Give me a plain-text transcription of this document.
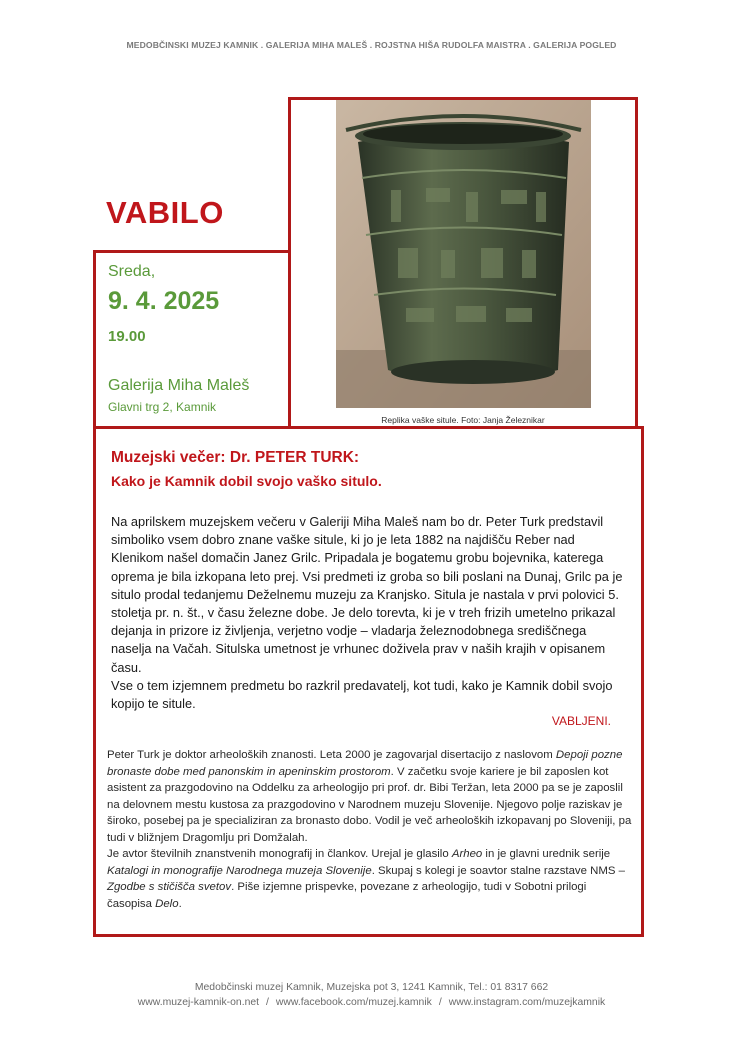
MEDOBČINSKI MUZEJ KAMNIK . GALERIJA MIHA MALEŠ . ROJSTNA HIŠA RUDOLFA MAISTRA . GALERIJA POGLED
Replika vaške situle. Foto: Janja Železnikar
VABILO
Sreda,
9. 4. 2025
19.00
Galerija Miha Maleš
Glavni trg 2, Kamnik
Muzejski večer: Dr. PETER TURK:
Kako je Kamnik dobil svojo vaško situlo.

Na aprilskem muzejskem večeru v Galeriji Miha Maleš nam bo dr. Peter Turk predstavil simboliko vsem dobro znane vaške situle, ki jo je leta 1882 na najdišču Reber nad Klenikom našel domačin Janez Grilc. Pripadala je bogatemu grobu bojevnika, katerega oprema je bila izkopana leto prej. Vsi predmeti iz groba so bili poslani na Dunaj, Grilc pa je situlo prodal tedanjemu Deželnemu muzeju za Kranjsko. Situla je nastala v prvi polovici 5. stoletja pr. n. št., v času železne dobe. Je delo torevta, ki je v treh frizih umetelno prikazal dejanja in prizore iz življenja, verjetno vodje – vladarja železnodobnega središčnega naselja na Vačah. Situlska umetnost je vrhunec doživela prav v naših krajih v opisanem času.

Vse o tem izjemnem predmetu bo razkril predavatelj, kot tudi, kako je Kamnik dobil svojo kopijo te situle.

VABLJENI.

Peter Turk je doktor arheoloških znanosti. Leta 2000 je zagovarjal disertacijo z naslovom Depoji pozne bronaste dobe med panonskim in apeninskim prostorom. V začetku svoje kariere je bil zaposlen kot asistent za prazgodovino na Oddelku za arheologijo pri prof. dr. Bibi Teržan, leta 2000 pa se je zaposlil na delovnem mestu kustosa za prazgodovino v Narodnem muzeju Slovenije. Njegovo polje raziskav je široko, posebej pa je specializiran za bronasto dobo. Vodil je več arheoloških izkopavanj po Sloveniji, pa tudi v bližnjem Dragomlju pri Domžalah.

Je avtor številnih znanstvenih monografij in člankov. Urejal je glasilo Arheo in je glavni urednik serije Katalogi in monografije Narodnega muzeja Slovenije. Skupaj s kolegi je soavtor stalne razstave NMS – Zgodbe s stičišča svetov. Piše izjemne prispevke, povezane z arheologijo, tudi v Sobotni prilogi časopisa Delo.

Medobčinski muzej Kamnik, Muzejska pot 3, 1241 Kamnik, Tel.: 01 8317 662
www.muzej-kamnik-on.net / www.facebook.com/muzej.kamnik / www.instagram.com/muzejkamnik
